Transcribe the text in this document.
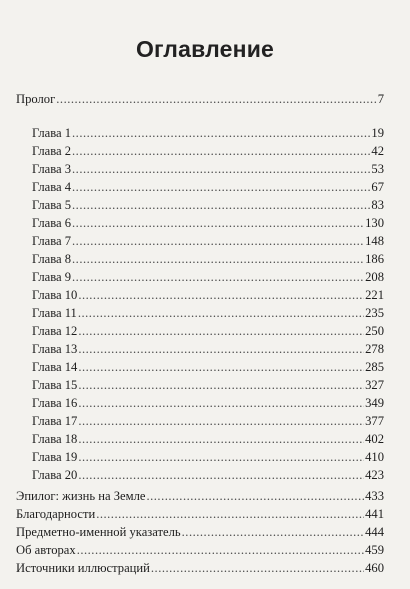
Оглавление
Пролог .....	7
Глава 1 .....	19
Глава 2 .....	42
Глава 3 .....	53
Глава 4 .....	67
Глава 5 .....	83
Глава 6 .....	130
Глава 7 .....	148
Глава 8 .....	186
Глава 9 .....	208
Глава 10 .....	221
Глава 11 .....	235
Глава 12 .....	250
Глава 13 .....	278
Глава 14 .....	285
Глава 15 .....	327
Глава 16 .....	349
Глава 17 .....	377
Глава 18 .....	402
Глава 19 .....	410
Глава 20 .....	423
Эпилог: жизнь на Земле .....	433
Благодарности .....	441
Предметно-именной указатель .....	444
Об авторах .....	459
Источники иллюстраций .....	460
